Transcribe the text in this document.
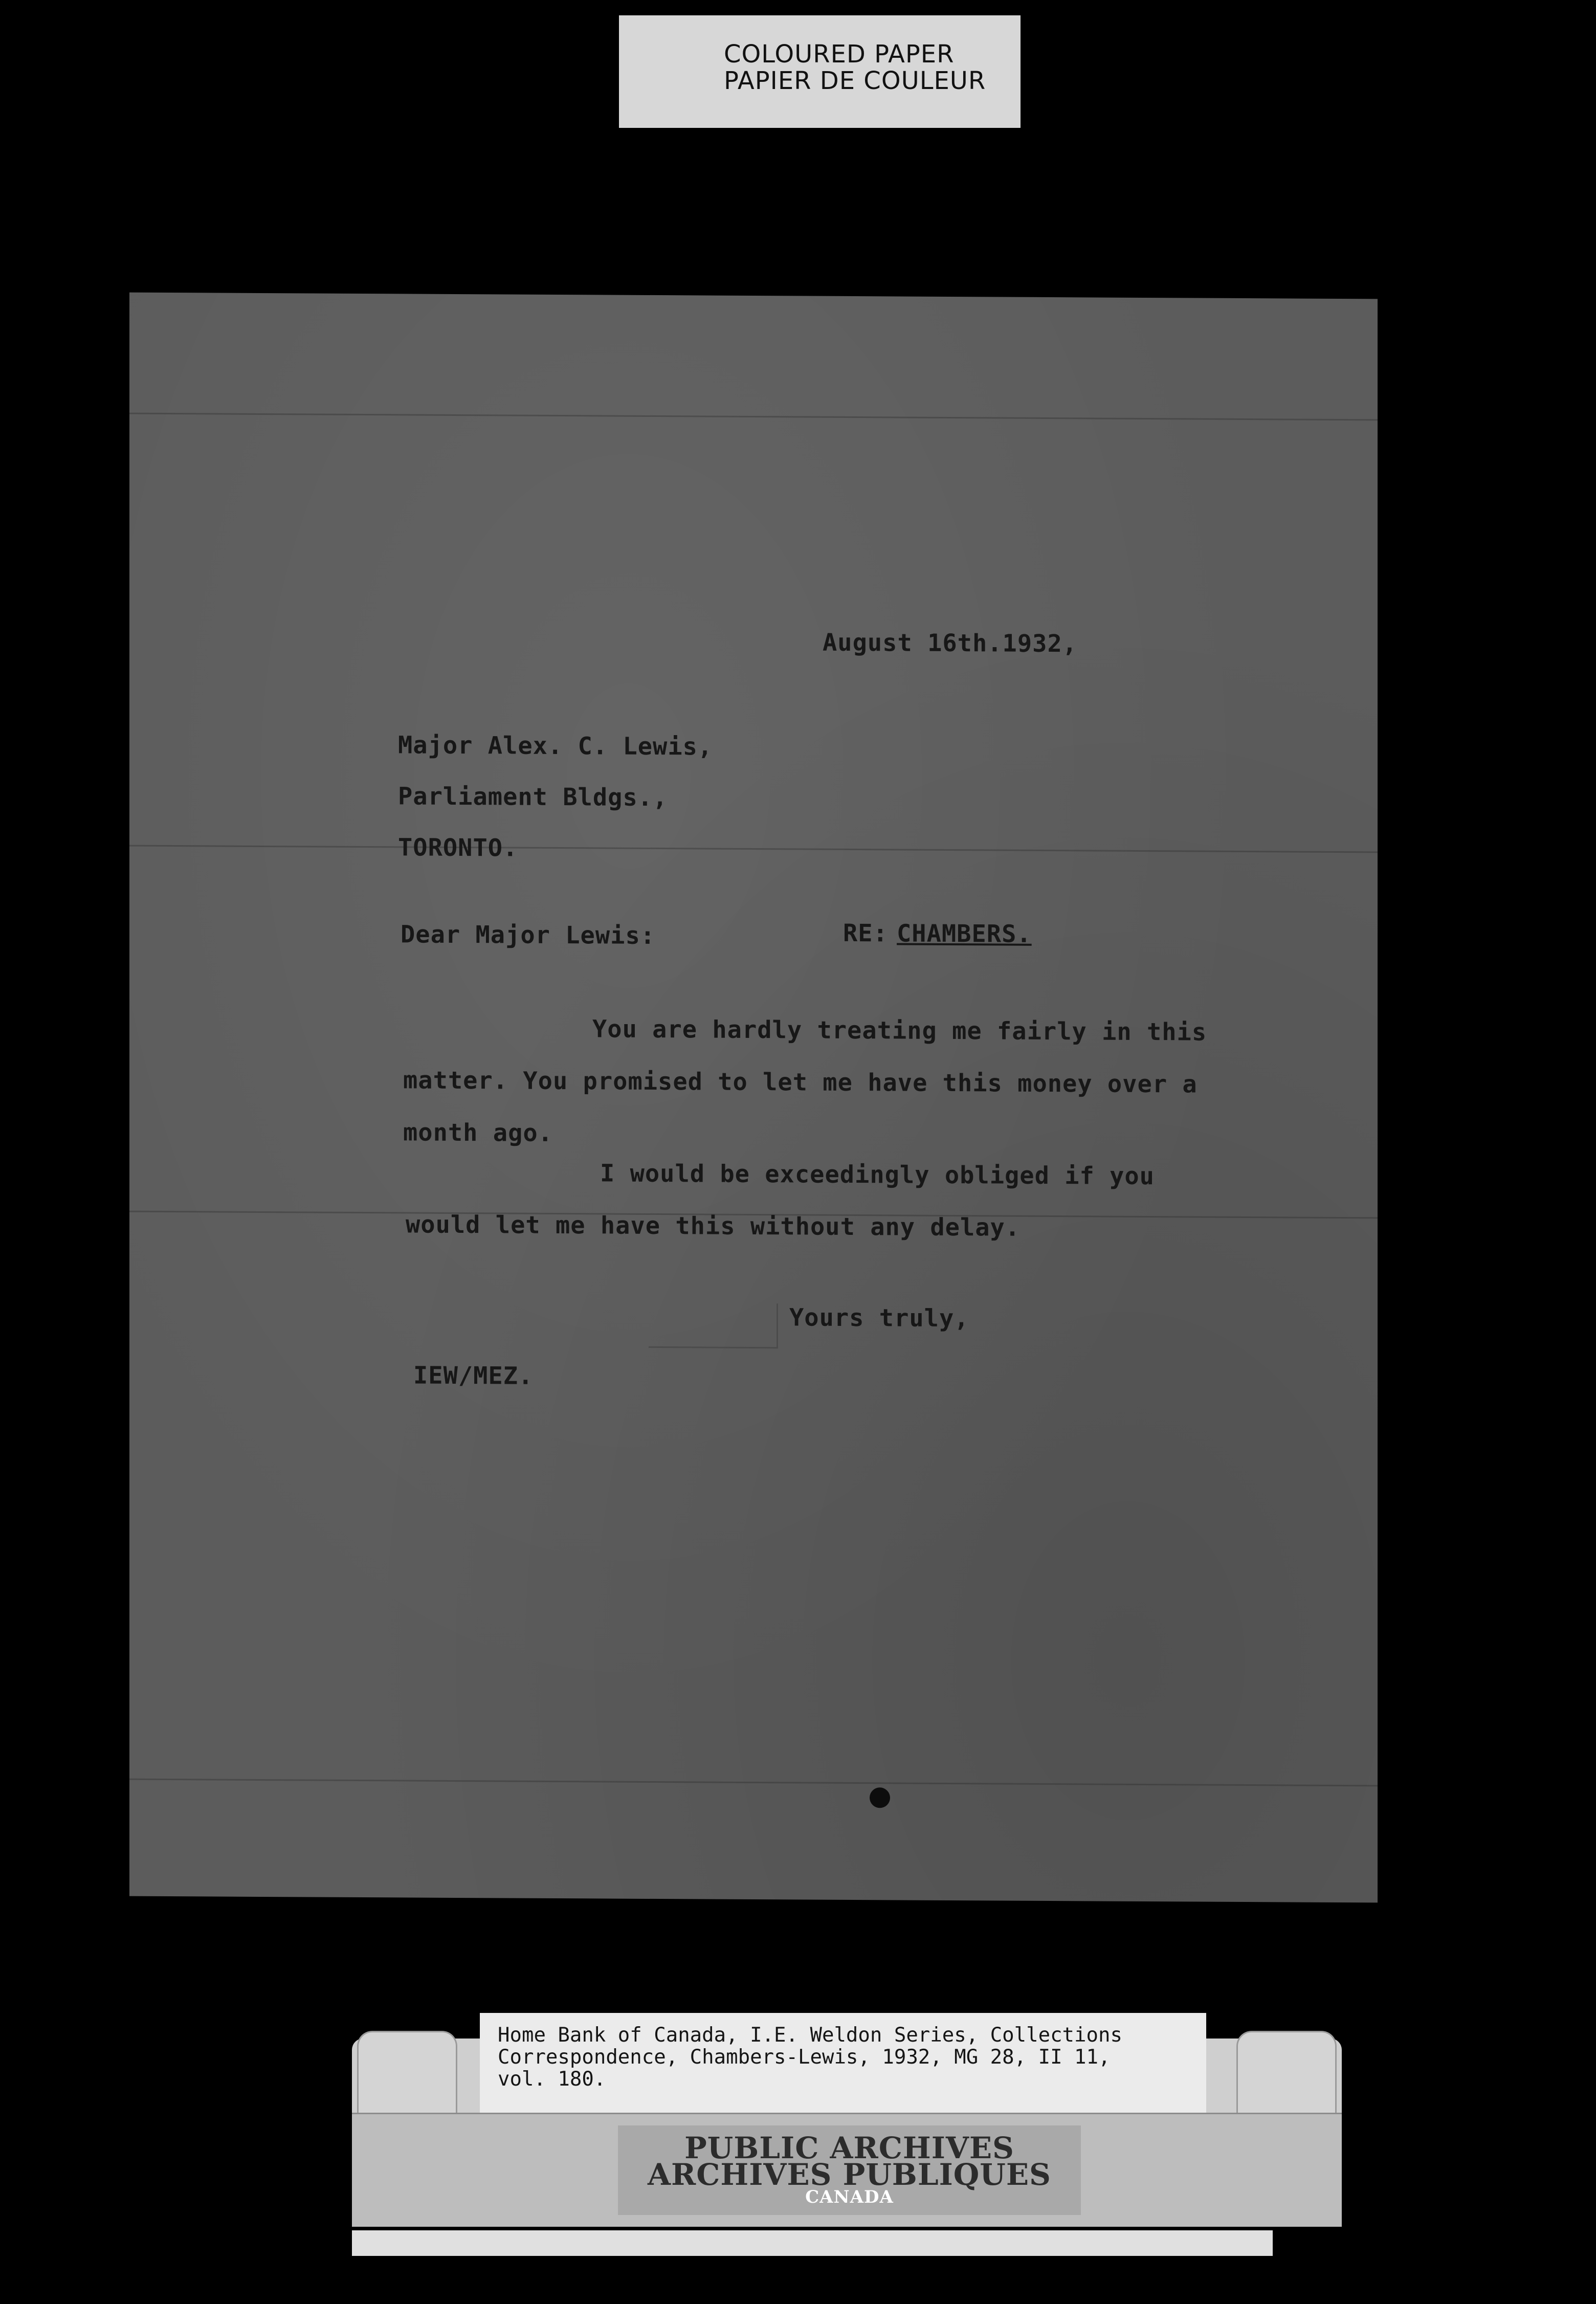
COLOURED PAPER
PAPIER DE COULEUR
August 16th.1932,
Major Alex. C. Lewis,
Parliament Bldgs.,
TORONTO.
Dear Major Lewis:	RE: CHAMBERS.
You are hardly treating me fairly in this
matter. You promised to let me have this money over a
month ago.
I would be exceedingly obliged if you
would let me have this without any delay.
Yours truly,
IEW/MEZ.
Home Bank of Canada, I.E. Weldon Series, Collections
Correspondence, Chambers-Lewis, 1932, MG 28, II 11,
vol. 180.
PUBLIC ARCHIVES
ARCHIVES PUBLIQUES
CANADA
